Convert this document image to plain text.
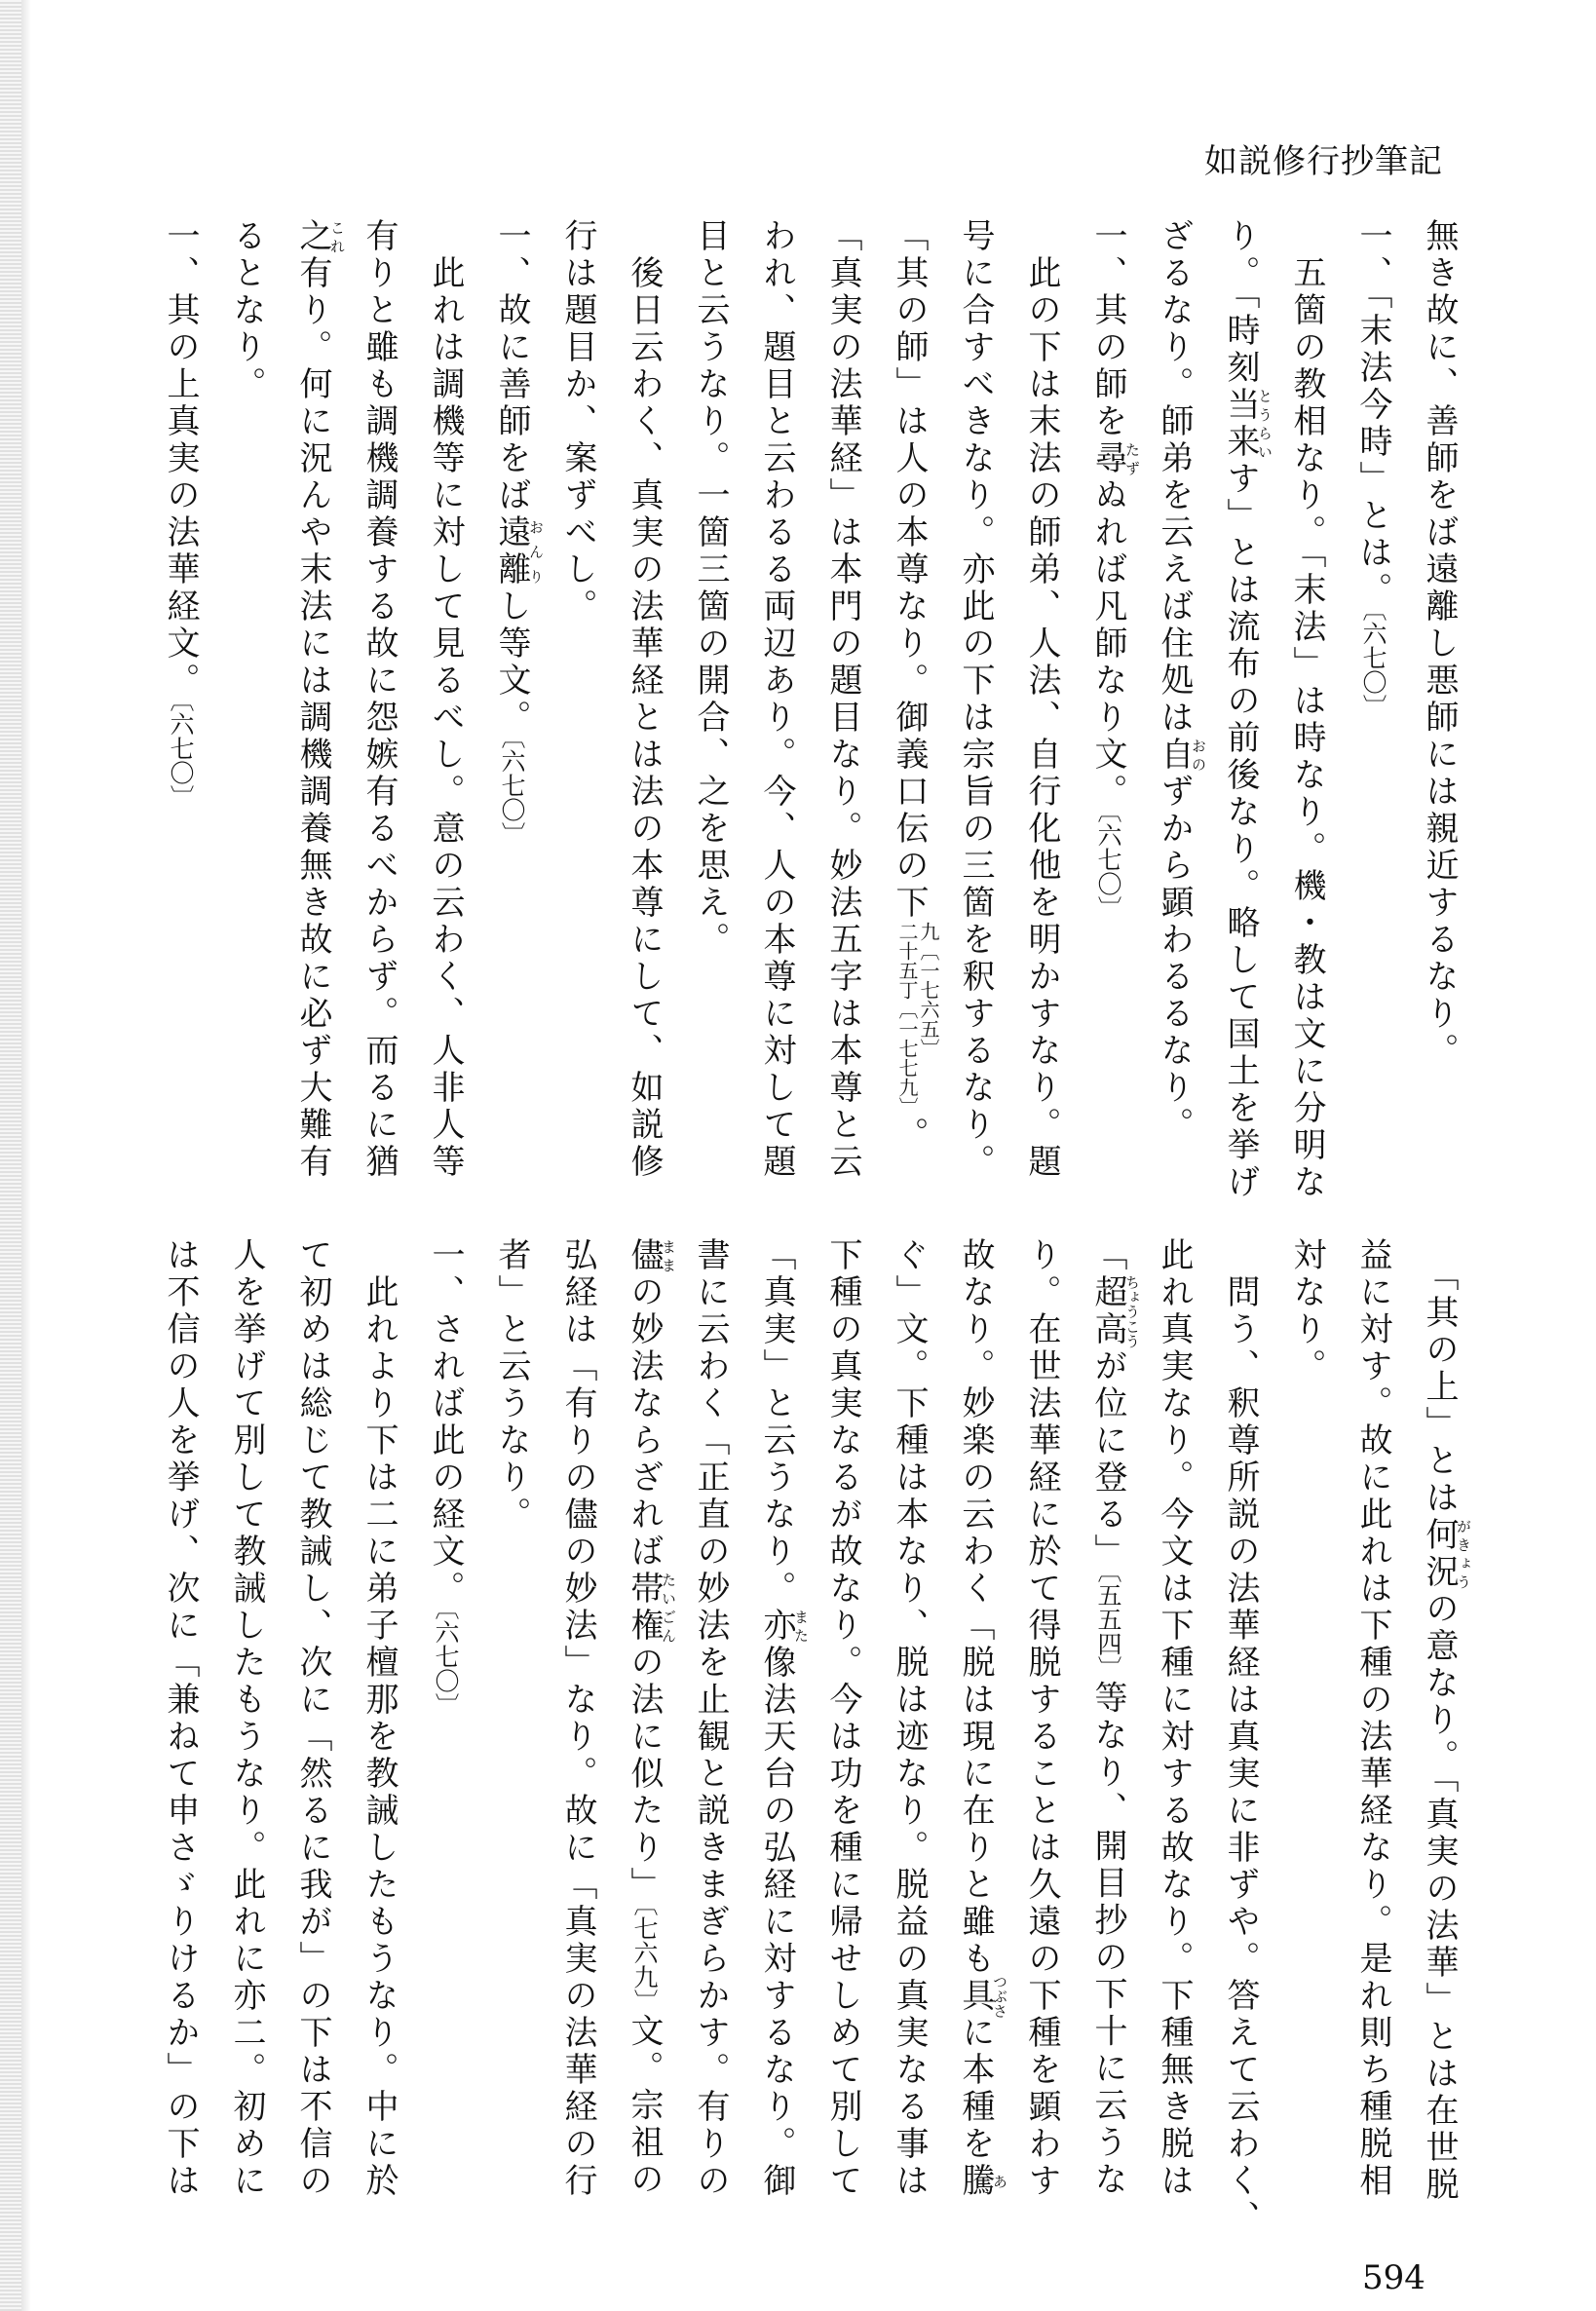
如説修行抄筆記
無き故に、善師をば遠離し悪師には親近するなり。
一、「末法今時」とは。〔六七〇〕
　五箇の教相なり。「末法」は時なり。機・教は文に分明な
り。「時刻当来とうらいす」とは流布の前後なり。略して国土を挙げ
ざるなり。師弟を云えば住処は自おのずから顕わるるなり。
一、其の師を尋たずぬれば凡師なり文。〔六七〇〕
　此の下は末法の師弟、人法、自行化他を明かすなり。題
号に合すべきなり。亦此の下は宗旨の三箇を釈するなり。
「其の師」は人の本尊なり。御義口伝の下
九〔一七六五〕
二十五丁〔一七七九〕
。
「真実の法華経」は本門の題目なり。妙法五字は本尊と云
われ、題目と云わるる両辺あり。今、人の本尊に対して題
目と云うなり。一箇三箇の開合、之を思え。
　後日云わく、真実の法華経とは法の本尊にして、如説修
行は題目か、案ずべし。
一、故に善師をば遠離おんりし等文。〔六七〇〕
　此れは調機等に対して見るべし。意の云わく、人非人等
有りと雖も調機調養する故に怨嫉有るべからず。而るに猶
之これ有り。何に況んや末法には調機調養無き故に必ず大難有
るとなり。
一、其の上真実の法華経文。〔六七〇〕
　「其の上」とは何況がきょうの意なり。「真実の法華」とは在世脱
益に対す。故に此れは下種の法華経なり。是れ則ち種脱相
対なり。
　問う、釈尊所説の法華経は真実に非ずや。答えて云わく、
此れ真実なり。今文は下種に対する故なり。下種無き脱は
「超高ちょうこうが位に登る」〔五五四〕等なり、開目抄の下十に云うな
り。在世法華経に於て得脱することは久遠の下種を顕わす
故なり。妙楽の云わく「脱は現に在りと雖も具つぶさに本種を騰あ
ぐ」文。下種は本なり、脱は迹なり。脱益の真実なる事は
下種の真実なるが故なり。今は功を種に帰せしめて別して
「真実」と云うなり。亦また像法天台の弘経に対するなり。御
書に云わく「正直の妙法を止観と説きまぎらかす。有りの
儘ままの妙法ならざれば帯権たいごんの法に似たり」〔七六九〕文。宗祖の
弘経は「有りの儘の妙法」なり。故に「真実の法華経の行
者」と云うなり。
一、されば此の経文。〔六七〇〕
　此れより下は二に弟子檀那を教誡したもうなり。中に於
て初めは総じて教誡し、次に「然るに我が」の下は不信の
人を挙げて別して教誡したもうなり。此れに亦二。初めに
は不信の人を挙げ、次に「兼ねて申さゞりけるか」の下は
594
